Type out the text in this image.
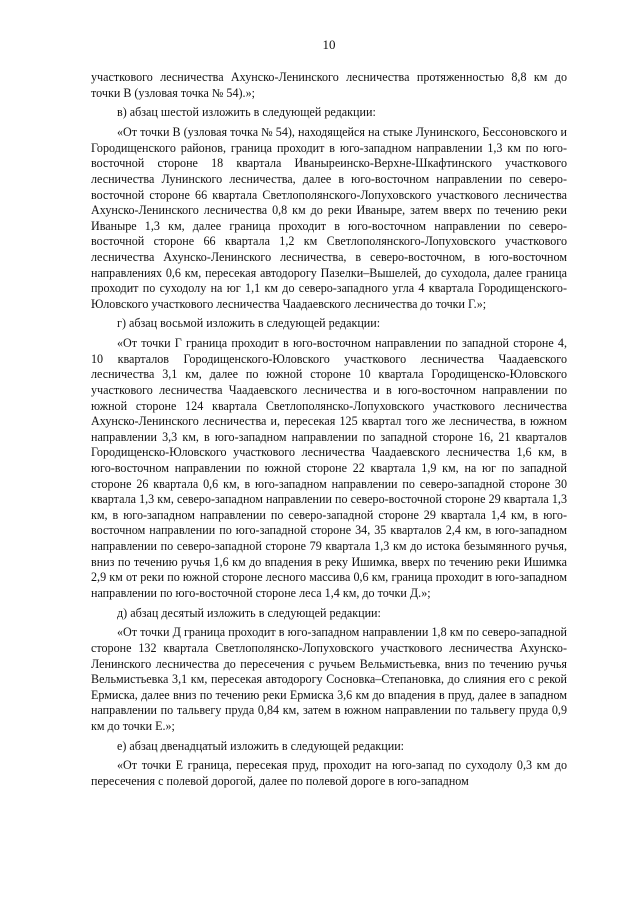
10

участкового лесничества Ахунско-Ленинского лесничества протяженностью 8,8 км до точки В (узловая точка № 54).»;

в) абзац шестой изложить в следующей редакции:

«От точки В (узловая точка № 54), находящейся на стыке Лунинского, Бессоновского и Городищенского районов, граница проходит в юго-западном направлении 1,3 км по юго-восточной стороне 18 квартала Иваныреинско-Верхне-Шкафтинского участкового лесничества Лунинского лесничества, далее в юго-восточном направлении по северо-восточной стороне 66 квартала Светлополянского-Лопуховского участкового лесничества Ахунско-Ленинского лесничества 0,8 км до реки Иваныре, затем вверх по течению реки Иваныре 1,3 км, далее граница проходит в юго-восточном направлении по северо-восточной стороне 66 квартала 1,2 км Светлополянского-Лопуховского участкового лесничества Ахунско-Ленинского лесничества, в северо-восточном, в юго-восточном направлениях 0,6 км, пересекая автодорогу Пазелки–Вышелей, до суходола, далее граница проходит по суходолу на юг 1,1 км до северо-западного угла 4 квартала Городищенского-Юловского участкового лесничества Чаадаевского лесничества до точки Г.»;

г) абзац восьмой изложить в следующей редакции:

«От точки Г граница проходит в юго-восточном направлении по западной стороне 4, 10 кварталов Городищенского-Юловского участкового лесничества Чаадаевского лесничества 3,1 км, далее по южной стороне 10 квартала Городищенско-Юловского участкового лесничества Чаадаевского лесничества и в юго-восточном направлении по южной стороне 124 квартала Светлополянско-Лопуховского участкового лесничества Ахунско-Ленинского лесничества и, пересекая 125 квартал того же лесничества, в южном направлении 3,3 км, в юго-западном направлении по западной стороне 16, 21 кварталов Городищенско-Юловского участкового лесничества Чаадаевского лесничества 1,6 км, в юго-восточном направлении по южной стороне 22 квартала 1,9 км, на юг по западной стороне 26 квартала 0,6 км, в юго-западном направлении по северо-западной стороне 30 квартала 1,3 км, северо-западном направлении по северо-восточной стороне 29 квартала 1,3 км, в юго-западном направлении по северо-западной стороне 29 квартала 1,4 км, в юго-восточном направлении по юго-западной стороне 34, 35 кварталов 2,4 км, в юго-западном направлении по северо-западной стороне 79 квартала 1,3 км до истока безымянного ручья, вниз по течению ручья 1,6 км до впадения в реку Ишимка, вверх по течению реки Ишимка 2,9 км от реки по южной стороне лесного массива 0,6 км, граница проходит в юго-западном направлении по юго-восточной стороне леса 1,4 км, до точки Д.»;

д) абзац десятый изложить в следующей редакции:

«От точки Д граница проходит в юго-западном направлении 1,8 км по северо-западной стороне 132 квартала Светлополянско-Лопуховского участкового лесничества Ахунско-Ленинского лесничества до пересечения с ручьем Вельмистьевка, вниз по течению ручья Вельмистьевка 3,1 км, пересекая автодорогу Сосновка–Степановка, до слияния его с рекой Ермиска, далее вниз по течению реки Ермиска 3,6 км до впадения в пруд, далее в западном направлении по тальвегу пруда 0,84 км, затем в южном направлении по тальвегу пруда 0,9 км до точки Е.»;

е) абзац двенадцатый изложить в следующей редакции:

«От точки Е граница, пересекая пруд, проходит на юго-запад по суходолу 0,3 км до пересечения с полевой дорогой, далее по полевой дороге в юго-западном
